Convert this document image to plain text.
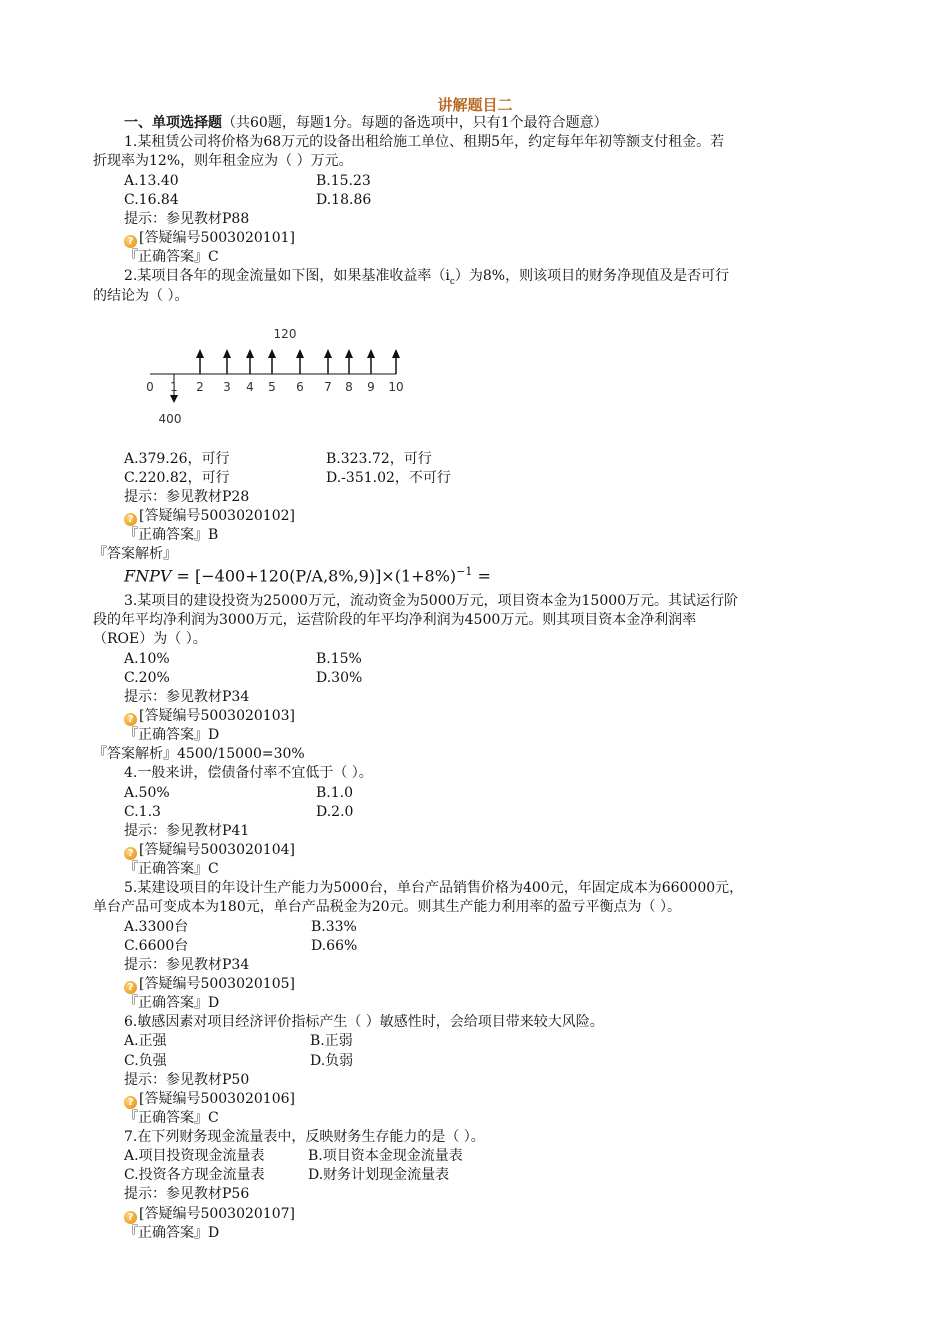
讲解题目二
一、单项选择题（共60题，每题1分。每题的备选项中，只有1个最符合题意）
1.某租赁公司将价格为68万元的设备出租给施工单位、租期5年，约定每年年初等额支付租金。若
折现率为12%，则年租金应为（ ）万元。
A.13.40	B.15.23
C.16.84	D.18.86
提示：参见教材P88
? [答疑编号5003020101]
『正确答案』C
2.某项目各年的现金流量如下图，如果基准收益率$(i_c)$为8%，则该项目的财务净现值及是否可行
的结论为（ ）。
120
400
0 1 2 3 4 5 6 7 8 9 10
A.379.26，可行	B.323.72，可行
C.220.82，可行	D.-351.02，不可行
提示：参见教材P28
? [答疑编号5003020102]
『正确答案』B
『答案解析』
FNPV = $[-400+120(P/A,8\%,9)]\times(1+8\%)^{-1}$ =
3.某项目的建设投资为25000万元，流动资金为5000万元，项目资本金为15000万元。其试运行阶
段的年平均净利润为3000万元，运营阶段的年平均净利润为4500万元。则其项目资本金净利润率
（ROE）为（ ）。
A.10%	B.15%
C.20%	D.30%
提示：参见教材P34
? [答疑编号5003020103]
『正确答案』D
『答案解析』4500/15000=30%
4.一般来讲，偿债备付率不宜低于（ ）。
A.50%	B.1.0
C.1.3	D.2.0
提示：参见教材P41
? [答疑编号5003020104]
『正确答案』C
5.某建设项目的年设计生产能力为5000台，单台产品销售价格为400元，年固定成本为660000元，
单台产品可变成本为180元，单台产品税金为20元。则其生产能力利用率的盈亏平衡点为（ ）。
A.3300台	B.33%
C.6600台	D.66%
提示：参见教材P34
? [答疑编号5003020105]
『正确答案』D
6.敏感因素对项目经济评价指标产生（ ）敏感性时，会给项目带来较大风险。
A.正强	B.正弱
C.负强	D.负弱
提示：参见教材P50
? [答疑编号5003020106]
『正确答案』C
7.在下列财务现金流量表中，反映财务生存能力的是（ ）。
A.项目投资现金流量表	B.项目资本金现金流量表
C.投资各方现金流量表	D.财务计划现金流量表
提示：参见教材P56
? [答疑编号5003020107]
『正确答案』D
